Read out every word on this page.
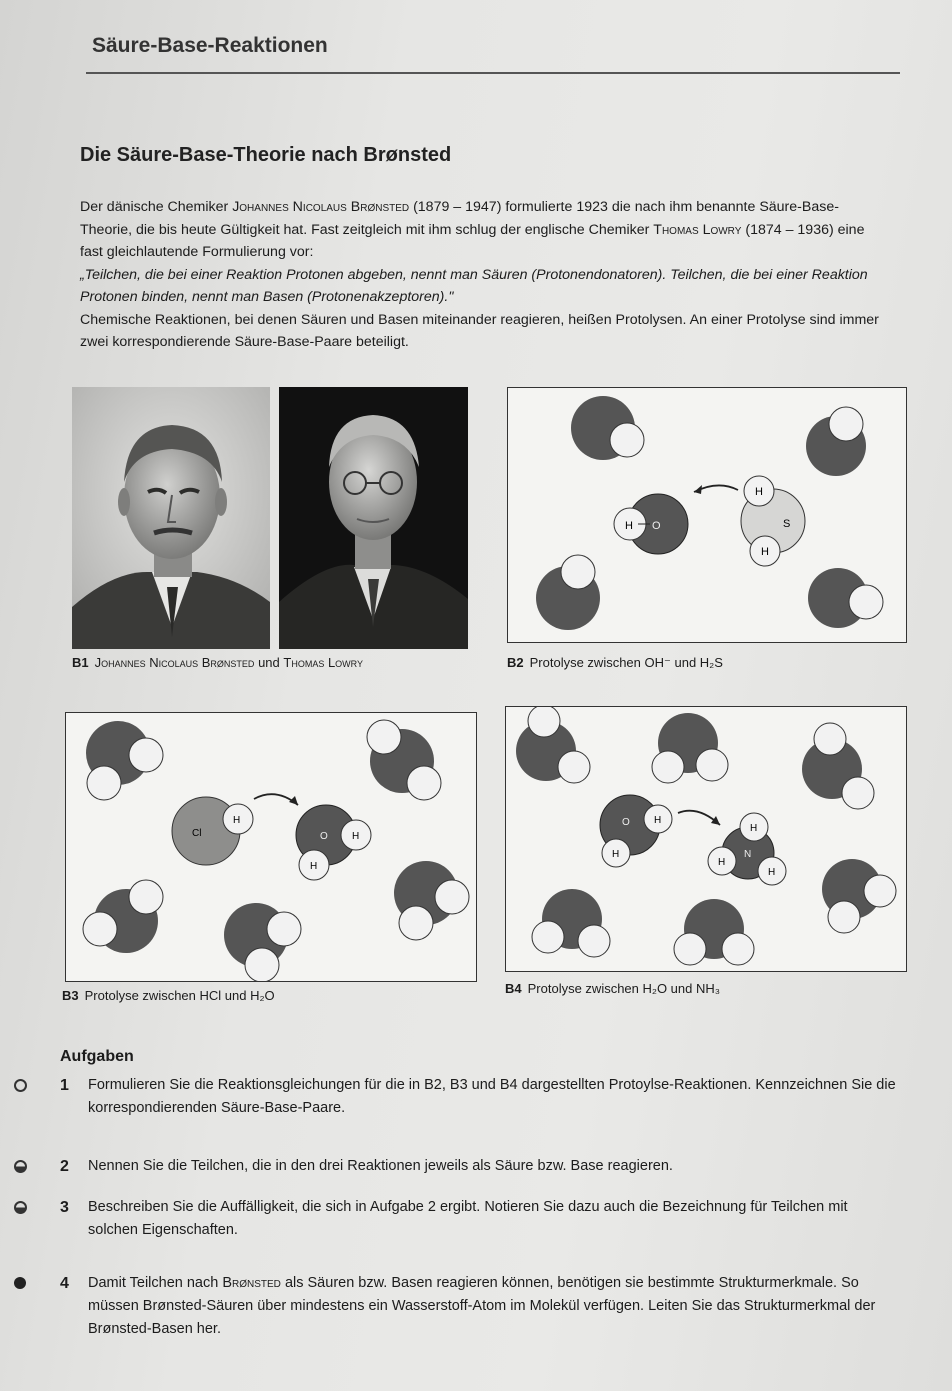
Säure-Base-Reaktionen
Die Säure-Base-Theorie nach Brønsted

Der dänische Chemiker Johannes Nicolaus Brønsted (1879 – 1947) formulierte 1923 die nach ihm benannte Säure-Base-Theorie, die bis heute Gültigkeit hat. Fast zeitgleich mit ihm schlug der englische Chemiker Thomas Lowry (1874 – 1936) eine fast gleichlautende Formulierung vor:

„Teilchen, die bei einer Reaktion Protonen abgeben, nennt man Säuren (Protonendonatoren). Teilchen, die bei einer Reaktion Protonen binden, nennt man Basen (Protonenakzeptoren)."

Chemische Reaktionen, bei denen Säuren und Basen miteinander reagieren, heißen Protolysen. An einer Protolyse sind immer zwei korrespondierende Säure-Base-Paare beteiligt.

B1 Johannes Nicolaus Brønsted und Thomas Lowry
H O
H
H
S
B2 Protolyse zwischen OH⁻ und H₂S
Cl
H
O H
H
B3 Protolyse zwischen HCl und H₂O
O H
H	N
H
H
H
B4 Protolyse zwischen H₂O und NH₃
Aufgaben
1 Formulieren Sie die Reaktionsgleichungen für die in B2, B3 und B4 dargestellten Protoylse-Reaktionen. Kennzeichnen Sie die korrespondierenden Säure-Base-Paare.
2 Nennen Sie die Teilchen, die in den drei Reaktionen jeweils als Säure bzw. Base reagieren.
3 Beschreiben Sie die Auffälligkeit, die sich in Aufgabe 2 ergibt. Notieren Sie dazu auch die Bezeichnung für Teilchen mit solchen Eigenschaften.
4 Damit Teilchen nach Brønsted als Säuren bzw. Basen reagieren können, benötigen sie bestimmte Strukturmerkmale. So müssen Brønsted-Säuren über mindestens ein Wasserstoff-Atom im Molekül verfügen. Leiten Sie das Strukturmerkmal der Brønsted-Basen her.
